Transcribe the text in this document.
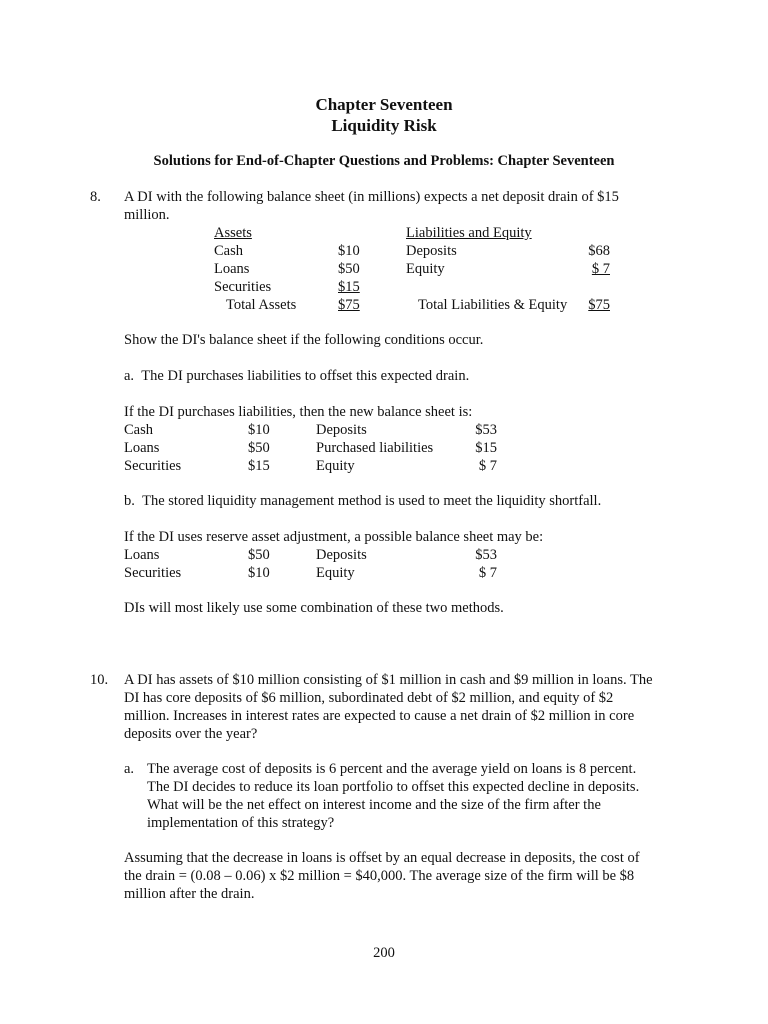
Chapter Seventeen
Liquidity Risk
Solutions for End-of-Chapter Questions and Problems: Chapter Seventeen
8. A DI with the following balance sheet (in millions) expects a net deposit drain of $15
million.
Assets	Liabilities and Equity
Cash	$10	Deposits	$68
Loans	$50	Equity	$ 7
Securities	$15
Total Assets	$75	Total Liabilities & Equity	$75
Show the DI's balance sheet if the following conditions occur.
a.  The DI purchases liabilities to offset this expected drain.
If the DI purchases liabilities, then the new balance sheet is:
Cash	$10	Deposits	$53
Loans	$50	Purchased liabilities	$15
Securities	$15	Equity	$ 7
b.  The stored liquidity management method is used to meet the liquidity shortfall.
If the DI uses reserve asset adjustment, a possible balance sheet may be:
Loans	$50	Deposits	$53
Securities	$10	Equity	$ 7
DIs will most likely use some combination of these two methods.
10. A DI has assets of $10 million consisting of $1 million in cash and $9 million in loans. The
DI has core deposits of $6 million, subordinated debt of $2 million, and equity of $2
million. Increases in interest rates are expected to cause a net drain of $2 million in core
deposits over the year?
a. The average cost of deposits is 6 percent and the average yield on loans is 8 percent.
The DI decides to reduce its loan portfolio to offset this expected decline in deposits.
What will be the net effect on interest income and the size of the firm after the
implementation of this strategy?
Assuming that the decrease in loans is offset by an equal decrease in deposits, the cost of
the drain = (0.08 – 0.06) x $2 million = $40,000. The average size of the firm will be $8
million after the drain.
200
